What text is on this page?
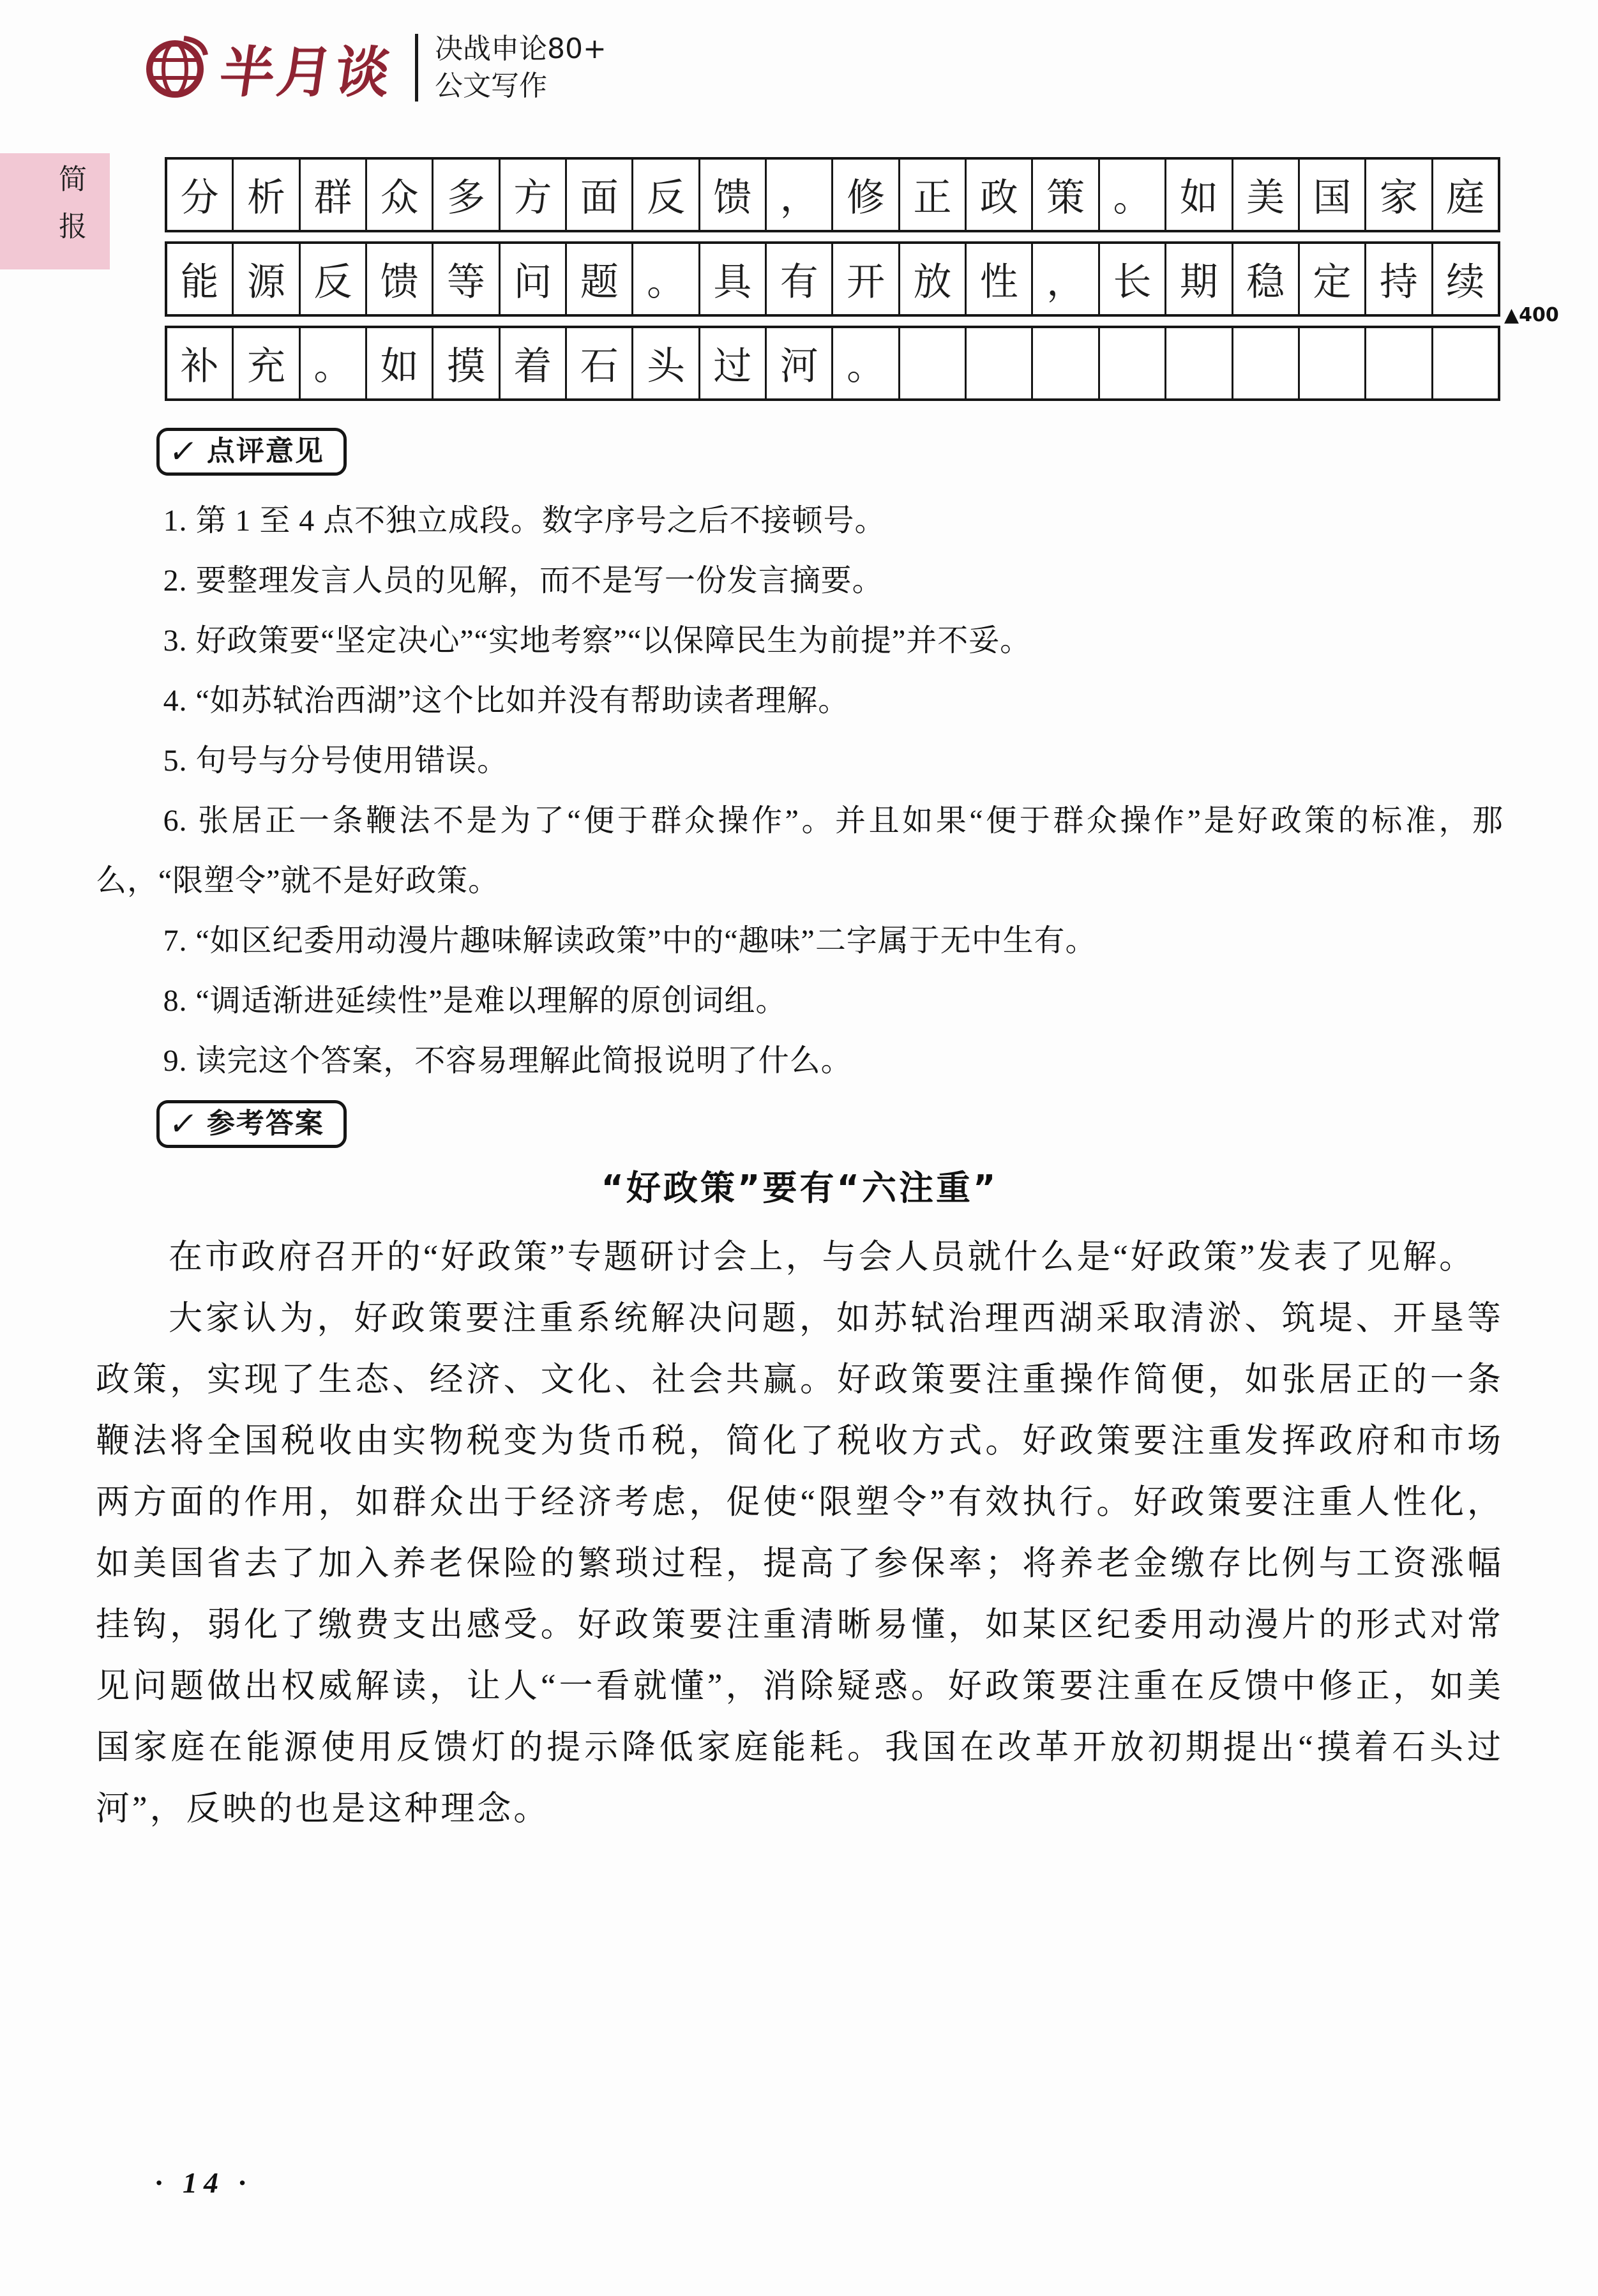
半月谈 决战申论80+
公文写作
简报	分 析 群 众 多 方 面 反 馈 ， 修 正 政 策 。 如 美 国 家 庭
能 源 反 馈 等 问 题 。 具 有 开 放 性 ， 长 期 稳 定 持 续
补 充 。 如 摸 着 石 头 过 河 。
▲400
✓ 点评意见
1. 第 1 至 4 点不独立成段。数字序号之后不接顿号。
2. 要整理发言人员的见解，而不是写一份发言摘要。
3. 好政策要“坚定决心”“实地考察”“以保障民生为前提”并不妥。
4. “如苏轼治西湖”这个比如并没有帮助读者理解。
5. 句号与分号使用错误。
6. 张居正一条鞭法不是为了“便于群众操作”。并且如果“便于群众操作”是好政策的标准，那么，“限塑令”就不是好政策。
7. “如区纪委用动漫片趣味解读政策”中的“趣味”二字属于无中生有。
8. “调适渐进延续性”是难以理解的原创词组。
9. 读完这个答案，不容易理解此简报说明了什么。
✓ 参考答案
“好政策”要有“六注重”

在市政府召开的“好政策”专题研讨会上，与会人员就什么是“好政策”发表了见解。

大家认为，好政策要注重系统解决问题，如苏轼治理西湖采取清淤、筑堤、开垦等政策，实现了生态、经济、文化、社会共赢。好政策要注重操作简便，如张居正的一条鞭法将全国税收由实物税变为货币税，简化了税收方式。好政策要注重发挥政府和市场两方面的作用，如群众出于经济考虑，促使“限塑令”有效执行。好政策要注重人性化，如美国省去了加入养老保险的繁琐过程，提高了参保率；将养老金缴存比例与工资涨幅挂钩，弱化了缴费支出感受。好政策要注重清晰易懂，如某区纪委用动漫片的形式对常见问题做出权威解读，让人“一看就懂”，消除疑惑。好政策要注重在反馈中修正，如美国家庭在能源使用反馈灯的提示降低家庭能耗。我国在改革开放初期提出“摸着石头过河”，反映的也是这种理念。

· 14 ·
